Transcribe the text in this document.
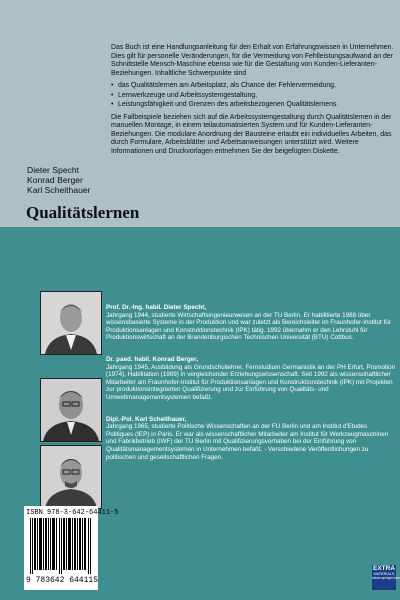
Das Buch ist eine Handlungsanleitung für den Erhalt von Erfahrungswissen in Unternehmen. Dies gilt für personelle Veränderungen, für die Vermeidung von Fehlleistungsaufwand an der Schnittstelle Mensch-Maschine ebenso wie für die Gestaltung von Kunden-Lieferanten-Beziehungen. Inhaltliche Schwerpunkte sind

• das Qualitätslernen am Arbeitsplatz, als Chance der Fehlervermeidung,
• Lernwerkzeuge und Arbeitssystemgestaltung,
• Leistungsfähigkeit und Grenzen des arbeitsbezogenen Qualitätslernens.

Die Fallbeispiele beziehen sich auf die Arbeitssystemgestaltung durch Qualitätslernen in der manuellen Montage, in einem teilautomatisierten System und für Kunden-Lieferanten-Beziehungen. Die modulare Anordnung der Bausteine erlaubt ein individuelles Arbeiten, das durch Formulare, Arbeitsblätter und Arbeitsanweisungen unterstützt wird. Weitere Informationen und Druckvorlagen entnehmen Sie der beigefügten Diskette.

Dieter Specht
Konrad Berger
Karl Scheithauer
Qualitätslernen
Prof. Dr.-Ing. habil. Dieter Specht,
Jahrgang 1944, studierte Wirtschaftsingenieurwesen an der TU Berlin. Er habilitierte 1988 über wissensbasierte Systeme in der Produktion und war zuletzt als Bereichsleiter im Fraunhofer-Institut für Produktionsanlagen und Konstruktionstechnik (IPK) tätig. 1992 übernahm er den Lehrstuhl für Produktionswirtschaft an der Brandenburgischen Technischen Universität (BTU) Cottbus.
Dr. paed. habil. Konrad Berger,
Jahrgang 1945, Ausbildung als Grundschullehrer, Fernstudium Germanistik an der PH Erfurt, Promotion (1974), Habilitation (1989) in vergleichender Erziehungswissenschaft. Seit 1992 als wissenschaftlicher Mitarbeiter am Fraunhofer-Institut für Produktionsanlagen und Konstruktionstechnik (IPK) mit Projekten zur produktionsintegrierten Qualifizierung und zur Einführung von Qualitäts- und Umweltmanagementsystemen befaßt.
Dipl.-Pol. Karl Scheithauer,
Jahrgang 1965, studierte Politische Wissenschaften an der FU Berlin und am Institut d'Etudes Politiques (IEP) in Paris. Er war als wissenschaftlicher Mitarbeiter am Institut für Werkzeugmaschinen und Fabrikbetrieb (IWF) der TU Berlin mit Qualifizierungsvorhaben bei der Einführung von Qualitätsmanagementsystemen in Unternehmen befaßt. - Verschiedene Veröffentlichungen zu politischen und gesellschaftlichen Fragen.
ISBN 978-3-642-64411-5
9 783642 644115
EXTRA
MATERIALS
extras.springer.com
